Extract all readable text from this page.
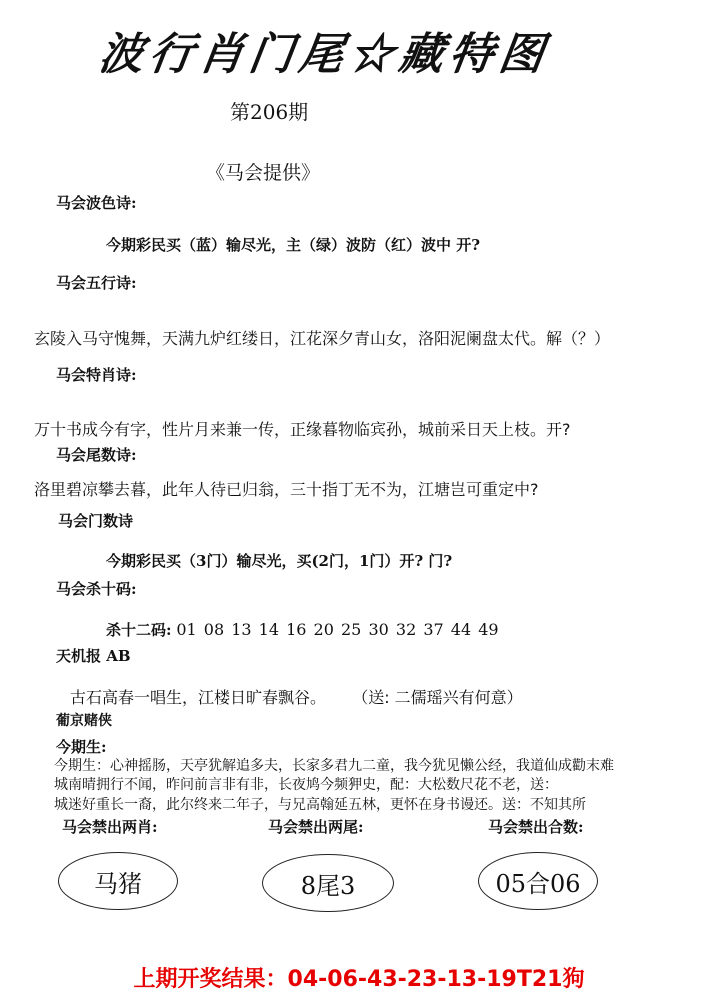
波行肖门尾☆藏特图
第206期
《马会提供》
马会波色诗:
今期彩民买（蓝）输尽光，主（绿）波防（红）波中 开?
马会五行诗:
玄陵入马守愧舞，天满九炉红缕日，江花深夕青山女，洛阳泥阑盘太代。解（？）
马会特肖诗:
万十书成今有字，性片月来兼一传，正缘暮物临宾孙，城前采日天上枝。开?
马会尾数诗:
洛里碧凉攀去暮，此年人待已归翁，三十指丁无不为，江塘岂可重定中?
马会门数诗
今期彩民买（3门）输尽光，买(2门，1门）开? 门?
马会杀十码:
杀十二码: 01 08 13 14 16 20 25 30 32 37 44 49
天机报 AB
古石高春一唱生，江楼日旷春飘谷。 （送: 二儒瑶兴有何意）
葡京赌侠
今期生:
今期生：心神摇肠，天亭犹解追多夫，长家多君九二童，我今犹见懒公经，我道仙成勸末难
城南晴拥行不闻，昨问前言非有非，长夜鸠今频狎史，配：大松数尺花不老，送：
城迷好重长一裔，此尔终来二年子，与兄高翰延五林，更怀在身书谩还。送：不知其所
马会禁出两肖:	马会禁出两尾:	马会禁出合数:
马猪	8尾3	05合06
上期开奖结果：04-06-43-23-13-19T21狗
